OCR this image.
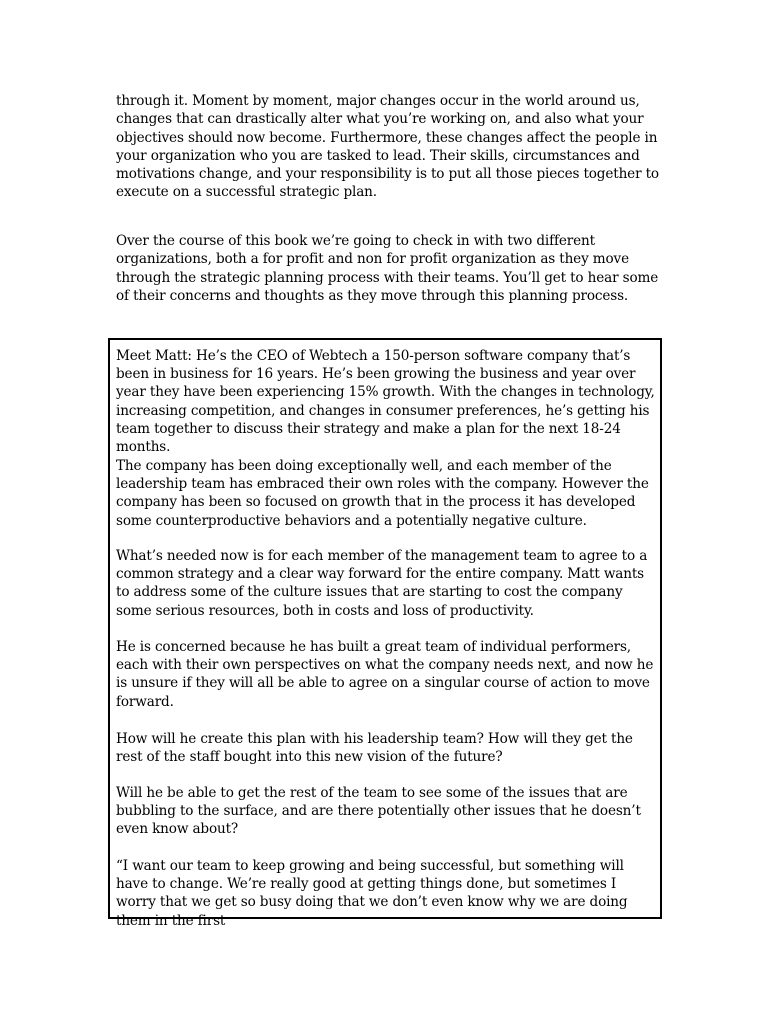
through it. Moment by moment, major changes occur in the world around us, changes that can drastically alter what you’re working on, and also what your objectives should now become. Furthermore, these changes affect the people in your organization who you are tasked to lead. Their skills, circumstances and motivations change, and your responsibility is to put all those pieces together to execute on a successful strategic plan.

Over the course of this book we’re going to check in with two different organizations, both a for profit and non for profit organization as they move through the strategic planning process with their teams. You’ll get to hear some of their concerns and thoughts as they move through this planning process.

Meet Matt: He’s the CEO of Webtech a 150-person software company that’s been in business for 16 years. He’s been growing the business and year over year they have been experiencing 15% growth. With the changes in technology, increasing competition, and changes in consumer preferences, he’s getting his team together to discuss their strategy and make a plan for the next 18-24 months.

The company has been doing exceptionally well, and each member of the leadership team has embraced their own roles with the company. However the company has been so focused on growth that in the process it has developed some counterproductive behaviors and a potentially negative culture.

What’s needed now is for each member of the management team to agree to a common strategy and a clear way forward for the entire company. Matt wants to address some of the culture issues that are starting to cost the company some serious resources, both in costs and loss of productivity.

He is concerned because he has built a great team of individual performers, each with their own perspectives on what the company needs next, and now he is unsure if they will all be able to agree on a singular course of action to move forward.

How will he create this plan with his leadership team? How will they get the rest of the staff bought into this new vision of the future?

Will he be able to get the rest of the team to see some of the issues that are bubbling to the surface, and are there potentially other issues that he doesn’t even know about?

“I want our team to keep growing and being successful, but something will have to change. We’re really good at getting things done, but sometimes I worry that we get so busy doing that we don’t even know why we are doing them in the first
